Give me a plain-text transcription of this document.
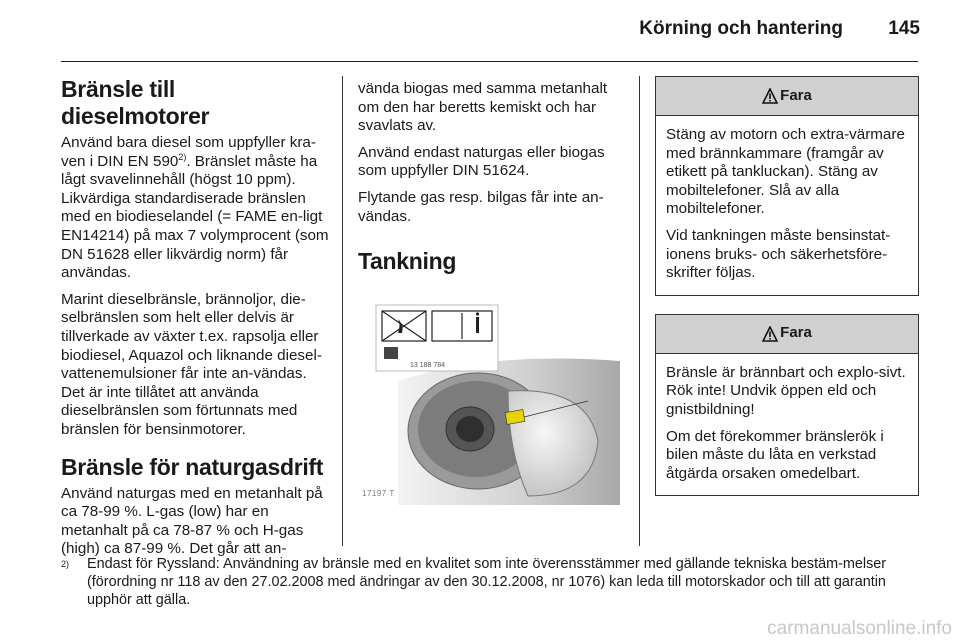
Körning och hantering 145
Bränsle till dieselmotorer

Använd bara diesel som uppfyller kra-ven i DIN EN 590$^{2)}$. Bränslet måste ha lågt svavelinnehåll (högst 10 ppm). Likvärdiga standardiserade bränslen med en biodieselandel (= FAME en-ligt EN14214) på max 7 volymprocent (som DN 51628 eller likvärdig norm) får användas.

Marint dieselbränsle, brännoljor, die-selbränslen som helt eller delvis är tillverkade av växter t.ex. rapsolja eller biodiesel, Aquazol och liknande diesel-vattenemulsioner får inte an-vändas. Det är inte tillåtet att använda dieselbränslen som förtunnats med bränslen för bensinmotorer.

Bränsle för naturgasdrift

Använd naturgas med en metanhalt på ca 78-99 %. L-gas (low) har en metanhalt på ca 78-87 % och H-gas (high) ca 87-99 %. Det går att an-

vända biogas med samma metanhalt om den har beretts kemiskt och har svavlats av.

Använd endast naturgas eller biogas som uppfyller DIN 51624.

Flytande gas resp. bilgas får inte an-vändas.

Tankning
13 188 784
17197 T
Fara

Stäng av motorn och extra-värmare med brännkammare (framgår av etikett på tankluckan). Stäng av mobiltelefoner. Slå av alla mobiltelefoner.

Vid tankningen måste bensinstat-ionens bruks- och säkerhetsföre-skrifter följas.

Fara

Bränsle är brännbart och explo-sivt. Rök inte! Undvik öppen eld och gnistbildning!

Om det förekommer bränslerök i bilen måste du låta en verkstad åtgärda orsaken omedelbart.

2) Endast för Ryssland: Användning av bränsle med en kvalitet som inte överensstämmer med gällande tekniska bestäm-melser (förordning nr 118 av den 27.02.2008 med ändringar av den 30.12.2008, nr 1076) kan leda till motorskador och till att garantin upphör att gälla.
carmanualsonline.info
